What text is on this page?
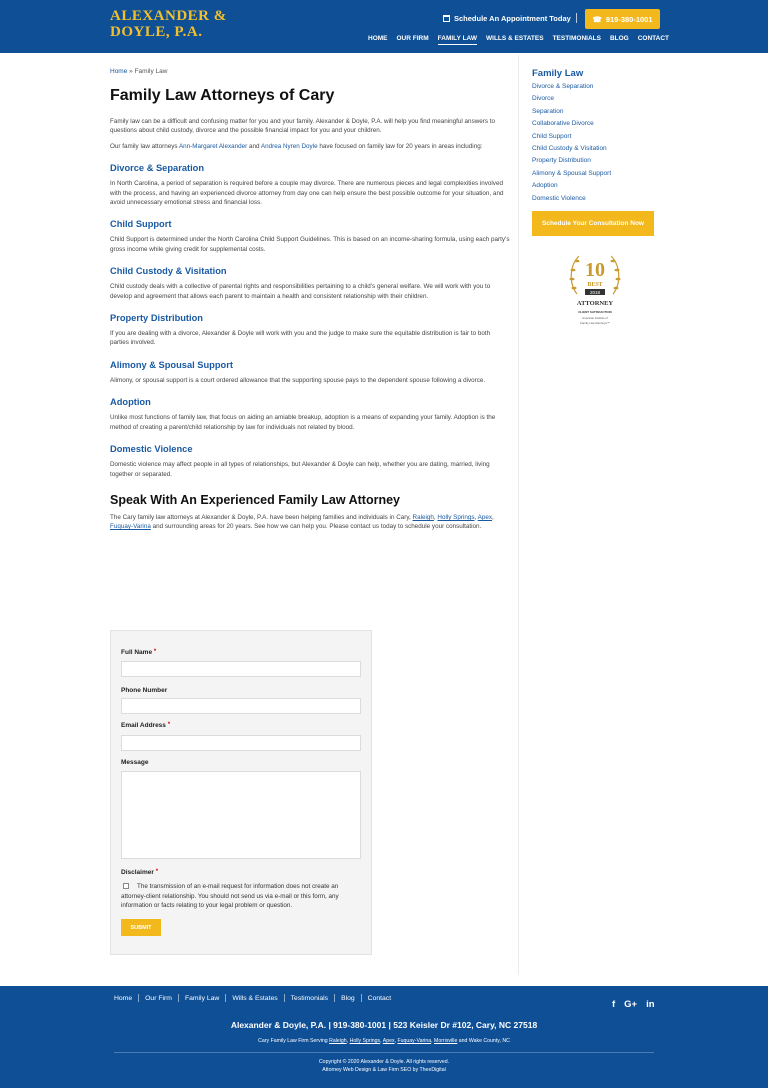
ALEXANDER &
DOYLE, P.A.
Schedule An Appointment Today	☎ 919-380-1001
HOME OUR FIRM FAMILY LAW WILLS & ESTATES TESTIMONIALS BLOG CONTACT
Home » Family Law
Family Law Attorneys of Cary
Family law can be a difficult and confusing matter for you and your family. Alexander & Doyle, P.A. will help you find meaningful answers to questions about child custody, divorce and the possible financial impact for you and your children.
Our family law attorneys Ann-Margaret Alexander and Andrea Nyren Doyle have focused on family law for 20 years in areas including:
Divorce & Separation
In North Carolina, a period of separation is required before a couple may divorce. There are numerous pieces and legal complexities involved with the process, and having an experienced divorce attorney from day one can help ensure the best possible outcome for your situation, and avoid unnecessary emotional stress and financial loss.
Child Support
Child Support is determined under the North Carolina Child Support Guidelines. This is based on an income-sharing formula, using each party’s gross income while giving credit for supplemental costs.
Child Custody & Visitation
Child custody deals with a collective of parental rights and responsibilities pertaining to a child’s general welfare. We will work with you to develop and agreement that allows each parent to maintain a health and consistent relationship with their children.
Property Distribution
If you are dealing with a divorce, Alexander & Doyle will work with you and the judge to make sure the equitable distribution is fair to both parties involved.
Alimony & Spousal Support
Alimony, or spousal support is a court ordered allowance that the supporting spouse pays to the dependent spouse following a divorce.
Adoption
Unlike most functions of family law, that focus on aiding an amiable breakup, adoption is a means of expanding your family. Adoption is the method of creating a parent/child relationship by law for individuals not related by blood.
Domestic Violence
Domestic violence may affect people in all types of relationships, but Alexander & Doyle can help, whether you are dating, married, living together or separated.
Speak With An Experienced Family Law Attorney
The Cary family law attorneys at Alexander & Doyle, P.A. have been helping families and individuals in Cary, Raleigh, Holly Springs, Apex, Fuquay-Varina and surrounding areas for 20 years. See how we can help you. Please contact us today to schedule your consultation.
Full Name *
Phone Number
Email Address *
Message
Disclaimer *
The transmission of an e-mail request for information does not create an attorney-client relationship. You should not send us via e-mail or this form, any information or facts relating to your legal problem or question.
SUBMIT
Family Law
Divorce & Separation
Divorce
Separation
Collaborative Divorce
Child Support
Child Custody & Visitation
Property Distribution
Alimony & Spousal Support
Adoption
Domestic Violence
Schedule Your Consultation Now
10
BEST
2018
ATTORNEY
CLIENT SATISFACTION
American Institute of
Family Law Attorneys™
Home Our Firm Family Law Wills & Estates Testimonials Blog Contact
f G+ in
Alexander & Doyle, P.A. | 919-380-1001 | 523 Keisler Dr #102, Cary, NC 27518
Cary Family Law Firm Serving Raleigh, Holly Springs, Apex, Fuquay-Varina, Morrisville and Wake County, NC
Copyright © 2020 Alexander & Doyle. All rights reserved.
Attorney Web Design & Law Firm SEO by TheeDigital
